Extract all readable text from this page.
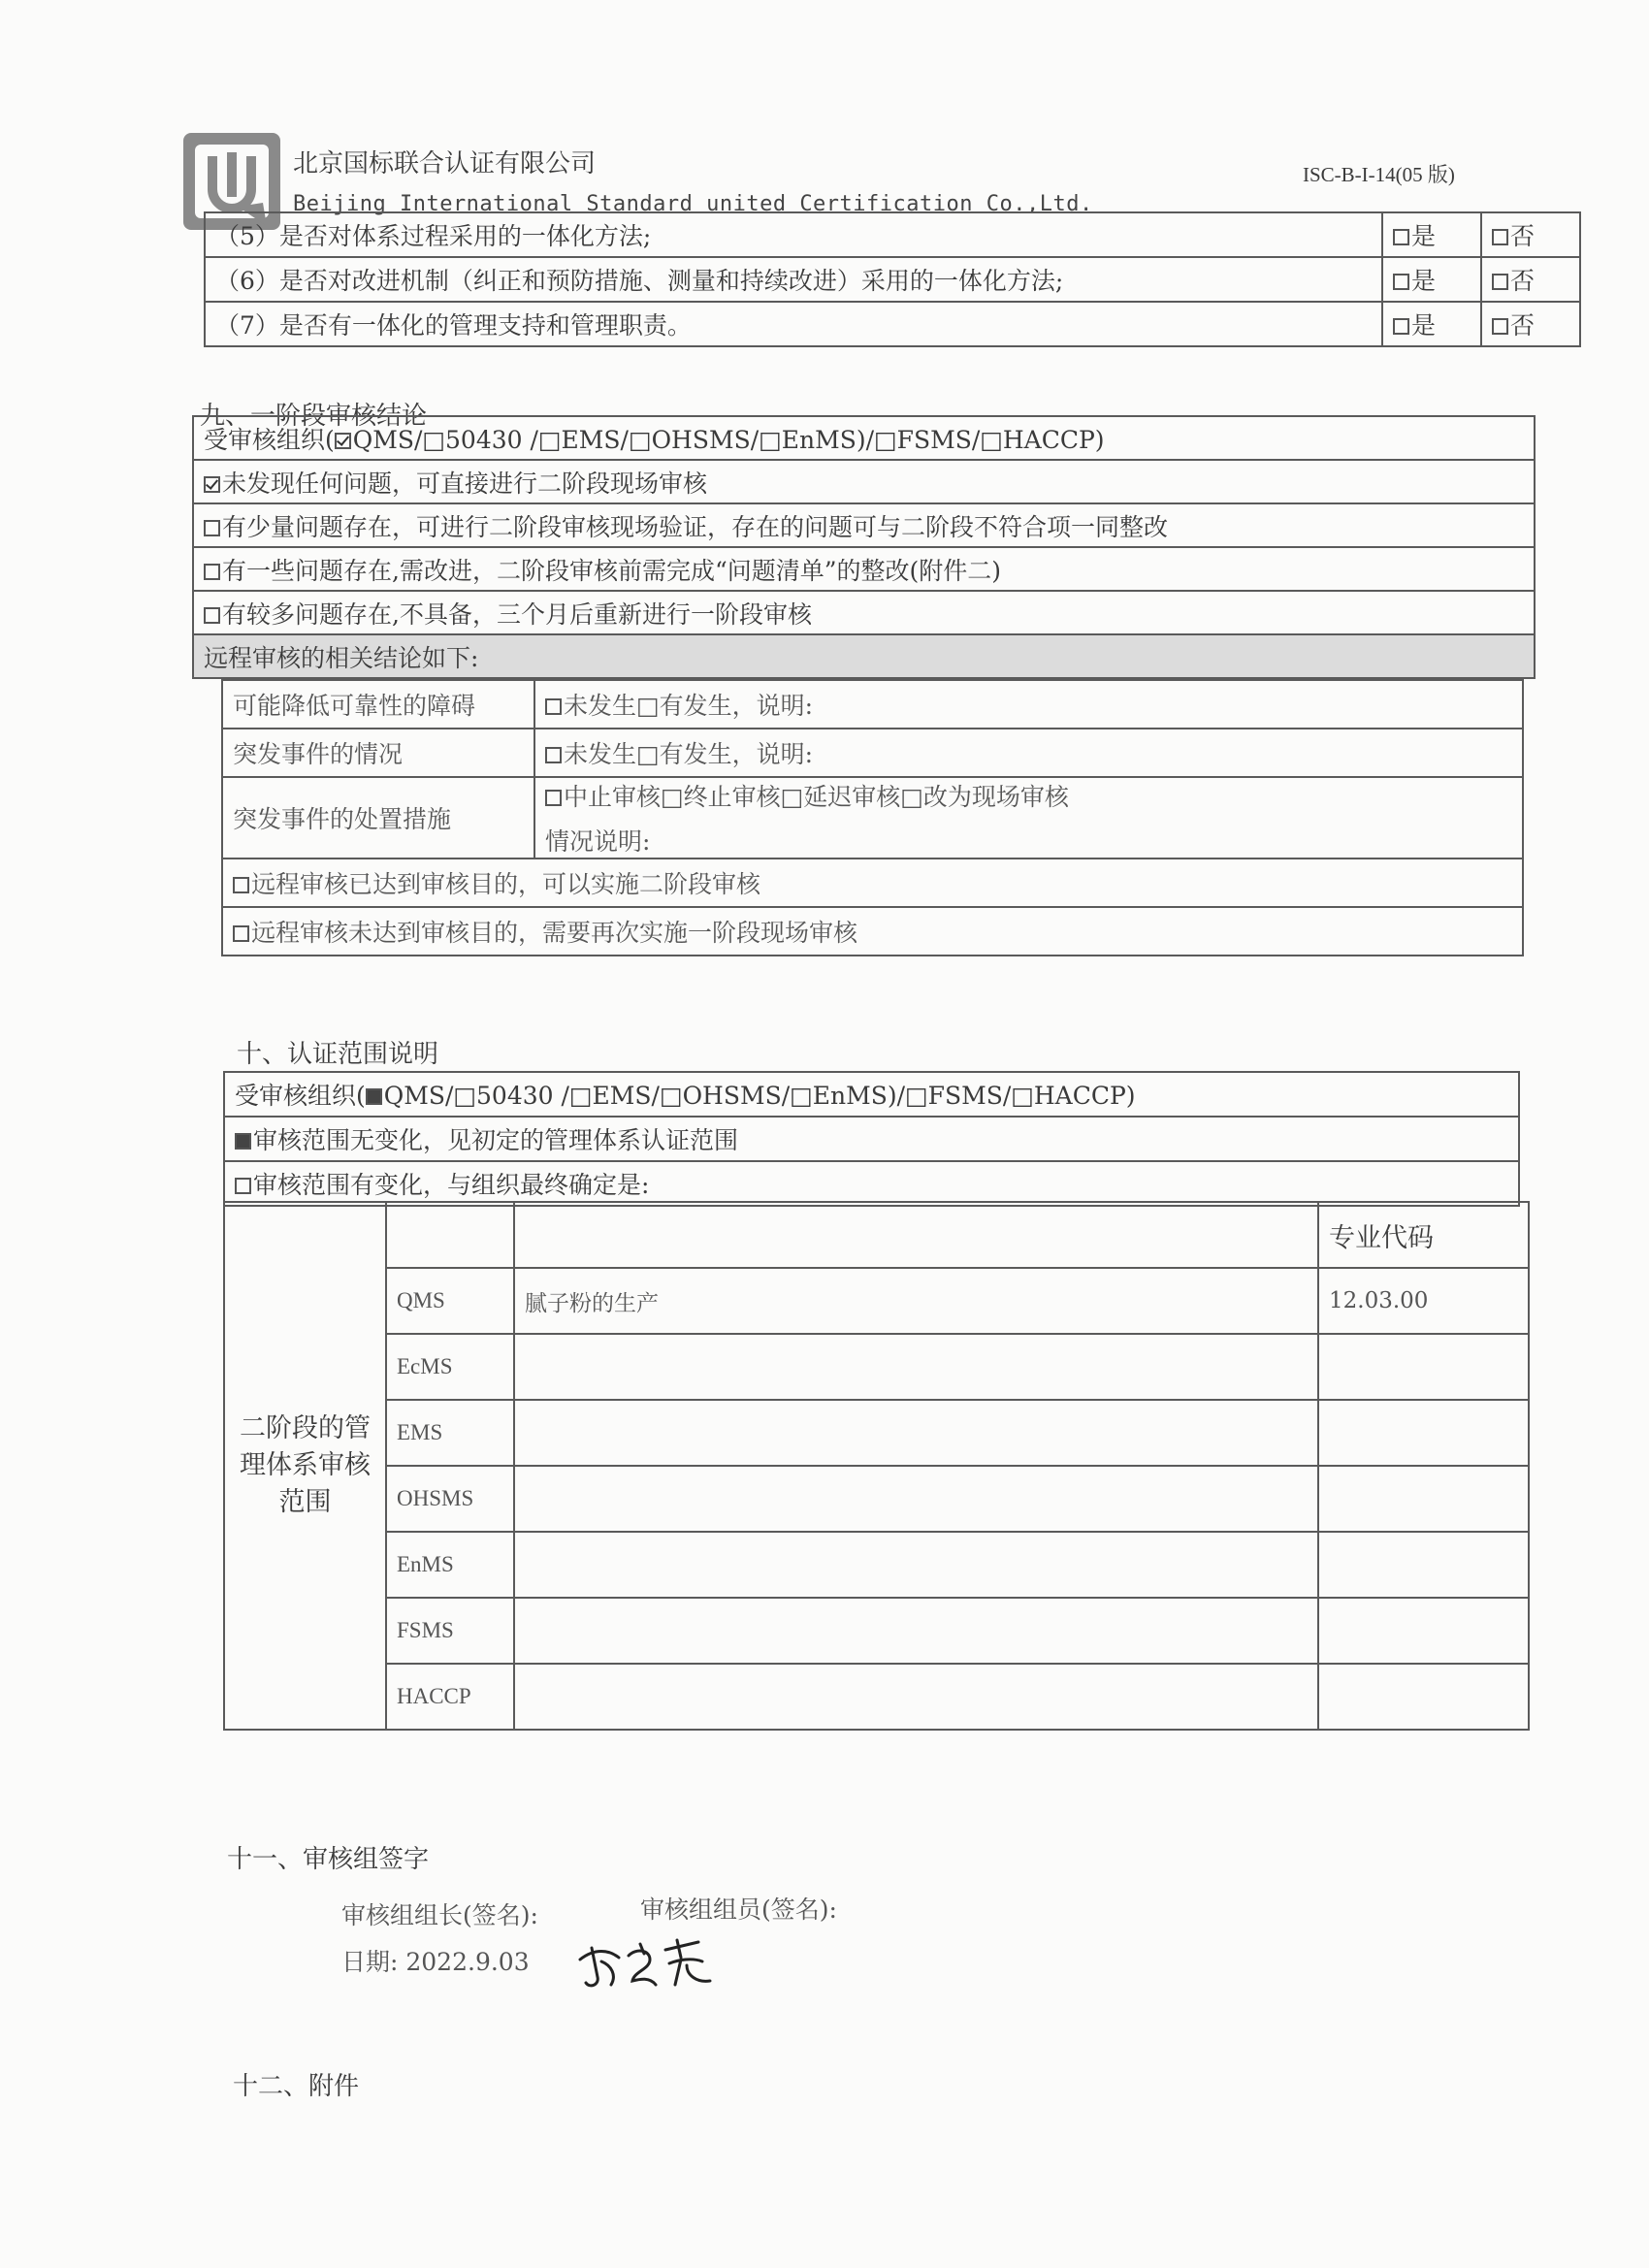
北京国标联合认证有限公司
Beijing International Standard united Certification Co.,Ltd.
ISC-B-I-14(05 版)
（5）是否对体系过程采用的一体化方法;	是	否
（6）是否对改进机制（纠正和预防措施、测量和持续改进）采用的一体化方法;	是	否
（7）是否有一体化的管理支持和管理职责。	是	否
九、一阶段审核结论
受审核组织( QMS/□50430 /□EMS/□OHSMS/□EnMS)/□FSMS/□HACCP)
未发现任何问题，可直接进行二阶段现场审核
有少量问题存在，可进行二阶段审核现场验证，存在的问题可与二阶段不符合项一同整改
有一些问题存在,需改进，二阶段审核前需完成“问题清单”的整改(附件二)
有较多问题存在,不具备，三个月后重新进行一阶段审核
远程审核的相关结论如下:
可能降低可靠性的障碍	未发生□有发生，说明:
突发事件的情况	未发生□有发生，说明:
突发事件的处置措施	中止审核□终止审核□延迟审核□改为现场审核
情况说明:

远程审核已达到审核目的，可以实施二阶段审核	
远程审核未达到审核目的，需要再次实施一阶段现场审核	
十、认证范围说明
受审核组织( QMS/□50430 /□EMS/□OHSMS/□EnMS)/□FSMS/□HACCP)
审核范围无变化，见初定的管理体系认证范围
审核范围有变化，与组织最终确定是:
二阶段的管理体系审核范围			专业代码
	QMS	腻子粉的生产	12.03.00
	EcMS		
	EMS		
	OHSMS		
	EnMS		
	FSMS		
	HACCP		
十一、审核组签字
审核组组长(签名):	审核组组员(签名):
日期: 2022.9.03
十二、附件
